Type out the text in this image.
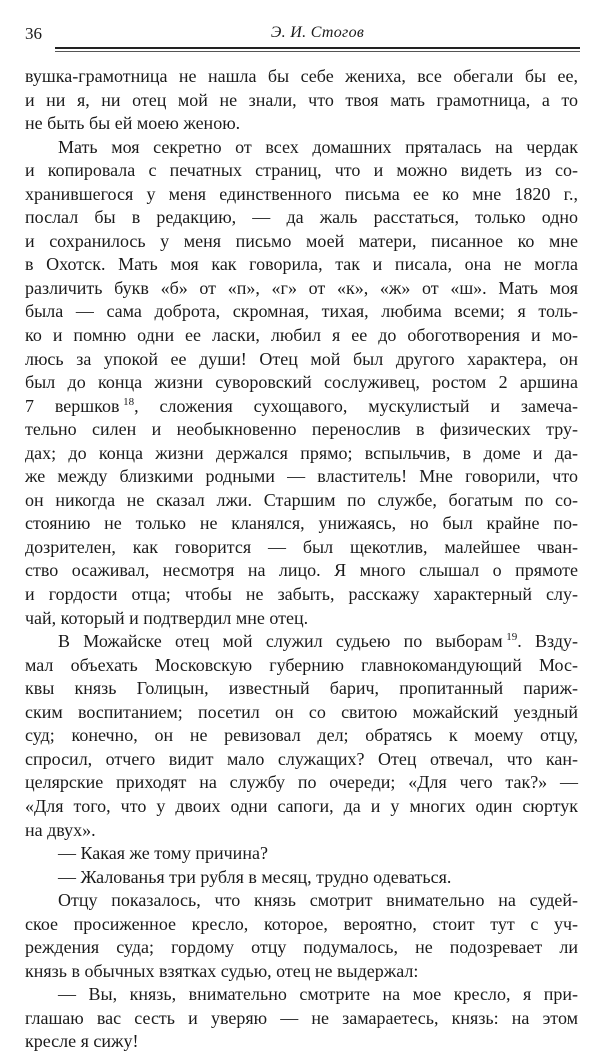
36	Э. И. Стогов
вушка-грамотница не нашла бы себе жениха, все обегали бы ее,
и ни я, ни отец мой не знали, что твоя мать грамотница, а то
не быть бы ей моею женою.
Мать моя секретно от всех домашних пряталась на чердак
и копировала с печатных страниц, что и можно видеть из со-
хранившегося у меня единственного письма ее ко мне 1820 г.,
послал бы в редакцию, — да жаль расстаться, только одно
и сохранилось у меня письмо моей матери, писанное ко мне
в Охотск. Мать моя как говорила, так и писала, она не могла
различить букв «б» от «п», «г» от «к», «ж» от «ш». Мать моя
была — сама доброта, скромная, тихая, любима всеми; я толь-
ко и помню одни ее ласки, любил я ее до обоготворения и мо-
люсь за упокой ее души! Отец мой был другого характера, он
был до конца жизни суворовский сослуживец, ростом 2 аршина
7 вершков  $^{18}$, сложения сухощавого, мускулистый и замеча-
тельно силен и необыкновенно перенослив в физических тру-
дах; до конца жизни держался прямо; вспыльчив, в доме и да-
же между близкими родными — властитель! Мне говорили, что
он никогда не сказал лжи. Старшим по службе, богатым по со-
стоянию не только не кланялся, унижаясь, но был крайне по-
дозрителен, как говорится — был щекотлив, малейшее чван-
ство осаживал, несмотря на лицо. Я много слышал о прямоте
и гордости отца; чтобы не забыть, расскажу характерный слу-
чай, который и подтвердил мне отец.
В Можайске отец мой служил судьею по выборам  $^{19}$. Взду-
мал объехать Московскую губернию главнокомандующий Мос-
квы князь Голицын, известный барич, пропитанный париж-
ским воспитанием; посетил он со свитою можайский уездный
суд; конечно, он не ревизовал дел; обратясь к моему отцу,
спросил, отчего видит мало служащих? Отец отвечал, что кан-
целярские приходят на службу по очереди; «Для чего так?» —
«Для того, что у двоих одни сапоги, да и у многих один сюртук
на двух».
— Какая же тому причина?
— Жалованья три рубля в месяц, трудно одеваться.
Отцу показалось, что князь смотрит внимательно на судей-
ское просиженное кресло, которое, вероятно, стоит тут с уч-
реждения суда; гордому отцу подумалось, не подозревает ли
князь в обычных взятках судью, отец не выдержал:
— Вы, князь, внимательно смотрите на мое кресло, я при-
глашаю вас сесть и уверяю — не замараетесь, князь: на этом
кресле я сижу!
